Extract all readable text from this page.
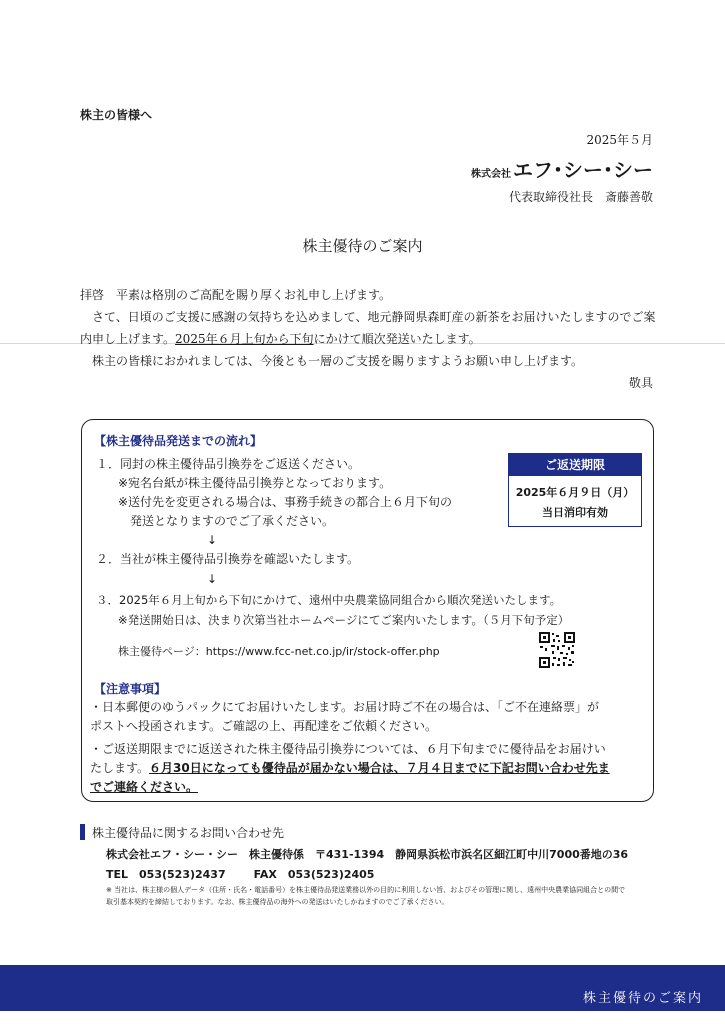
株主の皆様へ
2025年５月
株式会社 エフ･シー･シー
代表取締役社長　斎藤善敬
株主優待のご案内
拝啓　平素は格別のご高配を賜り厚くお礼申し上げます。
さて、日頃のご支援に感謝の気持ちを込めまして、地元静岡県森町産の新茶をお届けいたしますのでご案内申し上げます。2025年６月上旬から下旬にかけて順次発送いたします。
株主の皆様におかれましては、今後とも一層のご支援を賜りますようお願い申し上げます。
敬具
【株主優待品発送までの流れ】
１．同封の株主優待品引換券をご返送ください。
※宛名台紙が株主優待品引換券となっております。
※送付先を変更される場合は、事務手続きの都合上６月下旬の
発送となりますのでご了承ください。
↓
２．当社が株主優待品引換券を確認いたします。
↓
３．2025年６月上旬から下旬にかけて、遠州中央農業協同組合から順次発送いたします。
※発送開始日は、決まり次第当社ホームページにてご案内いたします。（５月下旬予定）
株主優待ページ：https://www.fcc-net.co.jp/ir/stock-offer.php
ご返送期限
2025年６月９日（月）
当日消印有効
【注意事項】
・日本郵便のゆうパックにてお届けいたします。お届け時ご不在の場合は、「ご不在連絡票」が
ポストへ投函されます。ご確認の上、再配達をご依頼ください。
・ご返送期限までに返送された株主優待品引換券については、６月下旬までに優待品をお届けい
たします。６月30日になっても優待品が届かない場合は、７月４日までに下記お問い合わせ先ま
でご連絡ください。
株主優待品に関するお問い合わせ先
株式会社エフ・シー・シー　株主優待係　〒431-1394　静岡県浜松市浜名区細江町中川7000番地の36
TEL　053(523)2437	FAX　053(523)2405
※ 当社は、株主様の個人データ（住所・氏名・電話番号）を株主優待品発送業務以外の目的に利用しない旨、およびその管理に関し、遠州中央農業協同組合との間で取引基本契約を締結しております。なお、株主優待品の海外への発送はいたしかねますのでご了承ください。
株主優待のご案内
